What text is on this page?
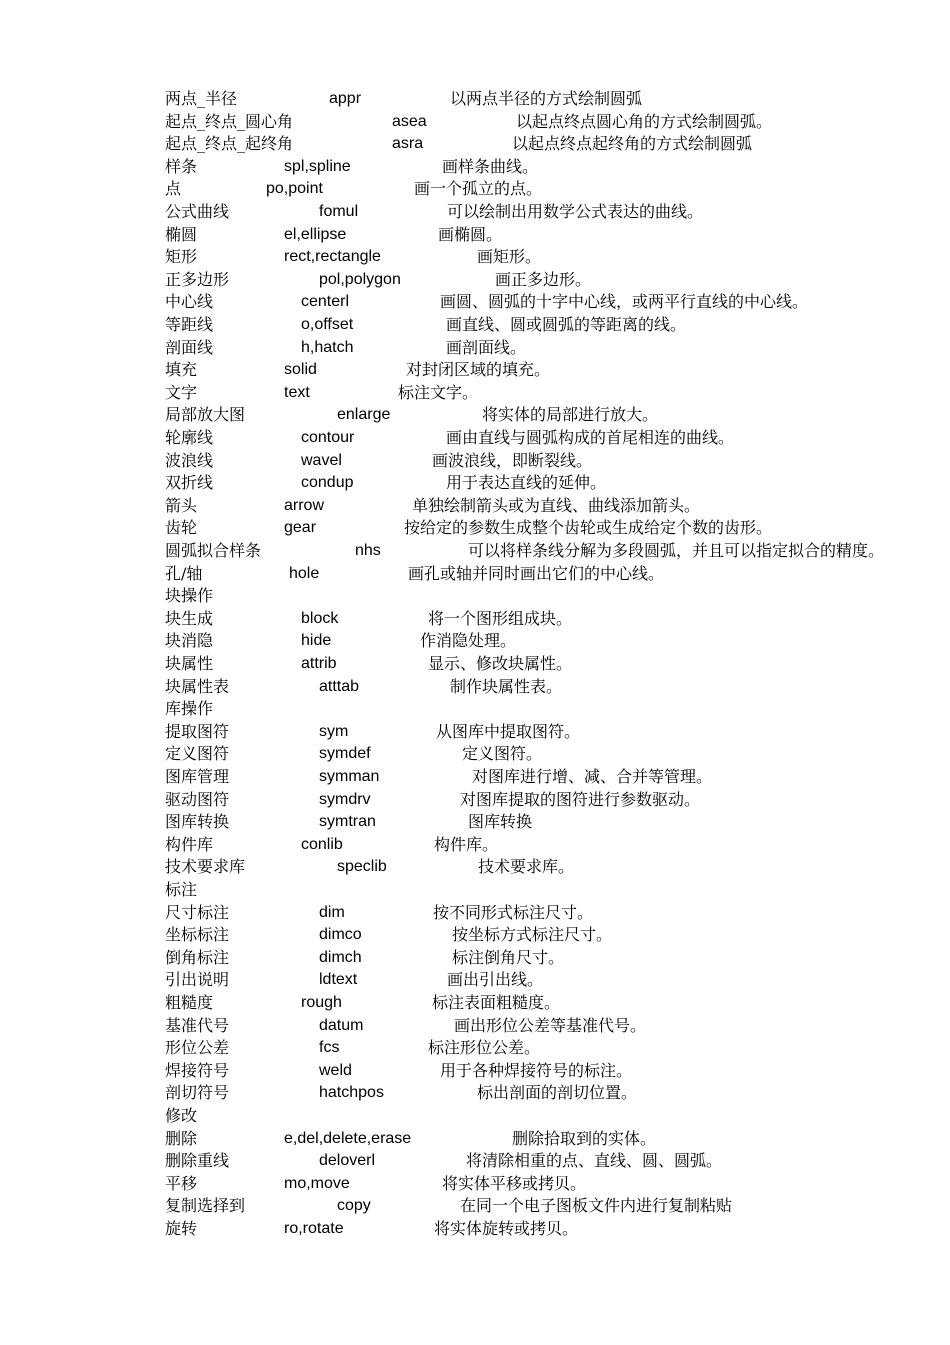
两点_半径	appr	以两点半径的方式绘制圆弧
起点_终点_圆心角	asea	以起点终点圆心角的方式绘制圆弧。
起点_终点_起终角	asra	以起点终点起终角的方式绘制圆弧
样条	spl,spline	画样条曲线。
点	po,point	画一个孤立的点。
公式曲线	fomul	可以绘制出用数学公式表达的曲线。
椭圆	el,ellipse	画椭圆。
矩形	rect,rectangle	画矩形。
正多边形	pol,polygon	画正多边形。
中心线	centerl	画圆、圆弧的十字中心线，或两平行直线的中心线。
等距线	o,offset	画直线、圆或圆弧的等距离的线。
剖面线	h,hatch	画剖面线。
填充	solid	对封闭区域的填充。
文字	text	标注文字。
局部放大图	enlarge	将实体的局部进行放大。
轮廓线	contour	画由直线与圆弧构成的首尾相连的曲线。
波浪线	wavel	画波浪线，即断裂线。
双折线	condup	用于表达直线的延伸。
箭头	arrow	单独绘制箭头或为直线、曲线添加箭头。
齿轮	gear	按给定的参数生成整个齿轮或生成给定个数的齿形。
圆弧拟合样条	nhs	可以将样条线分解为多段圆弧，并且可以指定拟合的精度。
孔/轴	hole	画孔或轴并同时画出它们的中心线。
块操作
块生成	block	将一个图形组成块。
块消隐	hide	作消隐处理。
块属性	attrib	显示、修改块属性。
块属性表	atttab	制作块属性表。
库操作
提取图符	sym	从图库中提取图符。
定义图符	symdef	定义图符。
图库管理	symman	对图库进行增、减、合并等管理。
驱动图符	symdrv	对图库提取的图符进行参数驱动。
图库转换	symtran	图库转换
构件库	conlib	构件库。
技术要求库	speclib	技术要求库。
标注
尺寸标注	dim	按不同形式标注尺寸。
坐标标注	dimco	按坐标方式标注尺寸。
倒角标注	dimch	标注倒角尺寸。
引出说明	ldtext	画出引出线。
粗糙度	rough	标注表面粗糙度。
基准代号	datum	画出形位公差等基准代号。
形位公差	fcs	标注形位公差。
焊接符号	weld	用于各种焊接符号的标注。
剖切符号	hatchpos	标出剖面的剖切位置。
修改
删除	e,del,delete,erase	删除拾取到的实体。
删除重线	deloverl	将清除相重的点、直线、圆、圆弧。
平移	mo,move	将实体平移或拷贝。
复制选择到	copy	在同一个电子图板文件内进行复制粘贴
旋转	ro,rotate	将实体旋转或拷贝。
